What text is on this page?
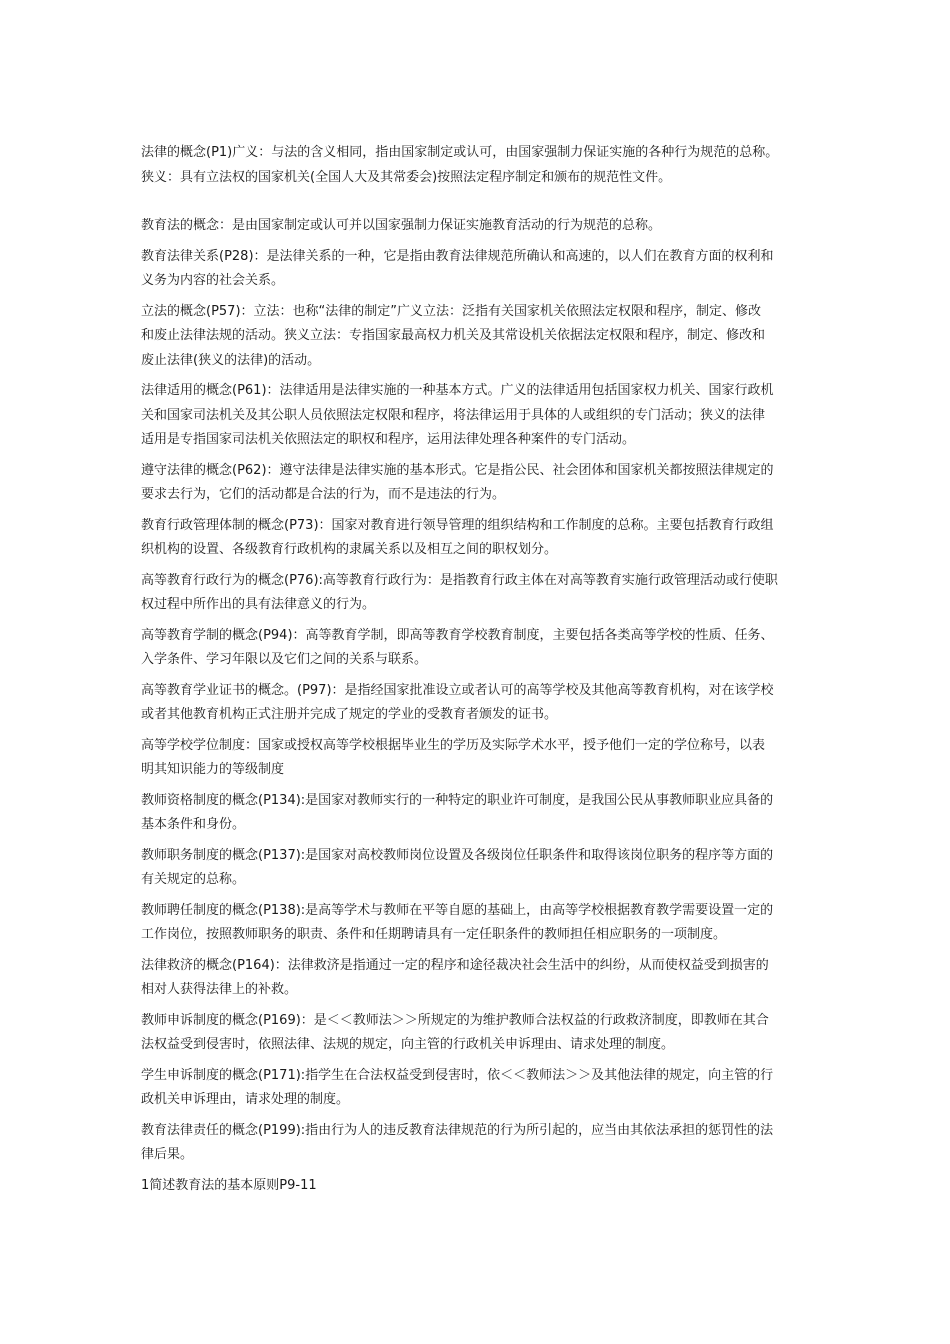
法律的概念(P1)广义：与法的含义相同，指由国家制定或认可，由国家强制力保证实施的各种行为规范的总称。
狭义：具有立法权的国家机关(全国人大及其常委会)按照法定程序制定和颁布的规范性文件。

教育法的概念：是由国家制定或认可并以国家强制力保证实施教育活动的行为规范的总称。

教育法律关系(P28)：是法律关系的一种，它是指由教育法律规范所确认和高速的，以人们在教育方面的权利和
义务为内容的社会关系。

立法的概念(P57)：立法：也称“法律的制定”广义立法：泛指有关国家机关依照法定权限和程序，制定、修改
和废止法律法规的活动。狭义立法：专指国家最高权力机关及其常设机关依据法定权限和程序，制定、修改和
废止法律(狭义的法律)的活动。

法律适用的概念(P61)：法律适用是法律实施的一种基本方式。广义的法律适用包括国家权力机关、国家行政机
关和国家司法机关及其公职人员依照法定权限和程序，将法律运用于具体的人或组织的专门活动；狭义的法律
适用是专指国家司法机关依照法定的职权和程序，运用法律处理各种案件的专门活动。

遵守法律的概念(P62)：遵守法律是法律实施的基本形式。它是指公民、社会团体和国家机关都按照法律规定的
要求去行为，它们的活动都是合法的行为，而不是违法的行为。

教育行政管理体制的概念(P73)：国家对教育进行领导管理的组织结构和工作制度的总称。主要包括教育行政组
织机构的设置、各级教育行政机构的隶属关系以及相互之间的职权划分。

高等教育行政行为的概念(P76):高等教育行政行为：是指教育行政主体在对高等教育实施行政管理活动或行使职
权过程中所作出的具有法律意义的行为。

高等教育学制的概念(P94)：高等教育学制，即高等教育学校教育制度，主要包括各类高等学校的性质、任务、
入学条件、学习年限以及它们之间的关系与联系。

高等教育学业证书的概念。(P97)：是指经国家批准设立或者认可的高等学校及其他高等教育机构，对在该学校
或者其他教育机构正式注册并完成了规定的学业的受教育者颁发的证书。

高等学校学位制度：国家或授权高等学校根据毕业生的学历及实际学术水平，授予他们一定的学位称号，以表
明其知识能力的等级制度

教师资格制度的概念(P134):是国家对教师实行的一种特定的职业许可制度，是我国公民从事教师职业应具备的
基本条件和身份。

教师职务制度的概念(P137):是国家对高校教师岗位设置及各级岗位任职条件和取得该岗位职务的程序等方面的
有关规定的总称。

教师聘任制度的概念(P138):是高等学术与教师在平等自愿的基础上，由高等学校根据教育教学需要设置一定的
工作岗位，按照教师职务的职责、条件和任期聘请具有一定任职条件的教师担任相应职务的一项制度。

法律救济的概念(P164)：法律救济是指通过一定的程序和途径裁决社会生活中的纠纷，从而使权益受到损害的
相对人获得法律上的补救。

教师申诉制度的概念(P169)：是＜＜教师法＞＞所规定的为维护教师合法权益的行政救济制度，即教师在其合
法权益受到侵害时，依照法律、法规的规定，向主管的行政机关申诉理由、请求处理的制度。

学生申诉制度的概念(P171):指学生在合法权益受到侵害时，依＜＜教师法＞＞及其他法律的规定，向主管的行
政机关申诉理由，请求处理的制度。

教育法律责任的概念(P199):指由行为人的违反教育法律规范的行为所引起的，应当由其依法承担的惩罚性的法
律后果。

1简述教育法的基本原则P9-11
